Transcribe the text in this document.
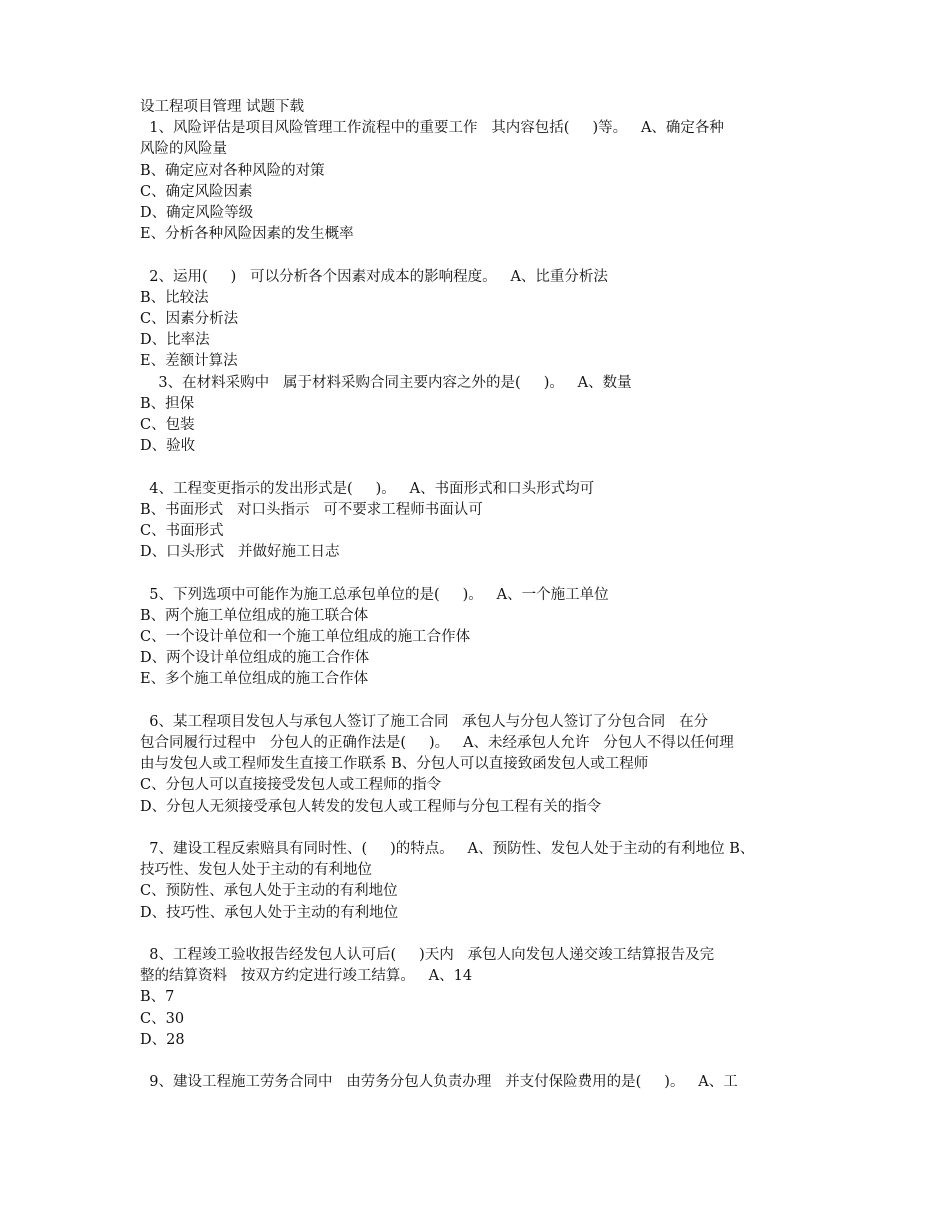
设工程项目管理 试题下载
1、风险评估是项目风险管理工作流程中的重要工作   其内容包括(     )等。   A、确定各种
风险的风险量
B、确定应对各种风险的对策
C、确定风险因素
D、确定风险等级
E、分析各种风险因素的发生概率
2、运用(     )   可以分析各个因素对成本的影响程度。   A、比重分析法
B、比较法
C、因素分析法
D、比率法
E、差额计算法
3、在材料采购中   属于材料采购合同主要内容之外的是(     )。   A、数量
B、担保
C、包装
D、验收
4、工程变更指示的发出形式是(     )。   A、书面形式和口头形式均可
B、书面形式   对口头指示   可不要求工程师书面认可
C、书面形式
D、口头形式   并做好施工日志
5、下列选项中可能作为施工总承包单位的是(     )。   A、一个施工单位
B、两个施工单位组成的施工联合体
C、一个设计单位和一个施工单位组成的施工合作体
D、两个设计单位组成的施工合作体
E、多个施工单位组成的施工合作体
6、某工程项目发包人与承包人签订了施工合同   承包人与分包人签订了分包合同   在分
包合同履行过程中   分包人的正确作法是(     )。   A、未经承包人允许   分包人不得以任何理
由与发包人或工程师发生直接工作联系 B、分包人可以直接致函发包人或工程师
C、分包人可以直接接受发包人或工程师的指令
D、分包人无须接受承包人转发的发包人或工程师与分包工程有关的指令
7、建设工程反索赔具有同时性、(     )的特点。   A、预防性、发包人处于主动的有利地位 B、
技巧性、发包人处于主动的有利地位
C、预防性、承包人处于主动的有利地位
D、技巧性、承包人处于主动的有利地位
8、工程竣工验收报告经发包人认可后(     )天内   承包人向发包人递交竣工结算报告及完
整的结算资料   按双方约定进行竣工结算。   A、14
B、7
C、30
D、28
9、建设工程施工劳务合同中   由劳务分包人负责办理   并支付保险费用的是(     )。   A、工
